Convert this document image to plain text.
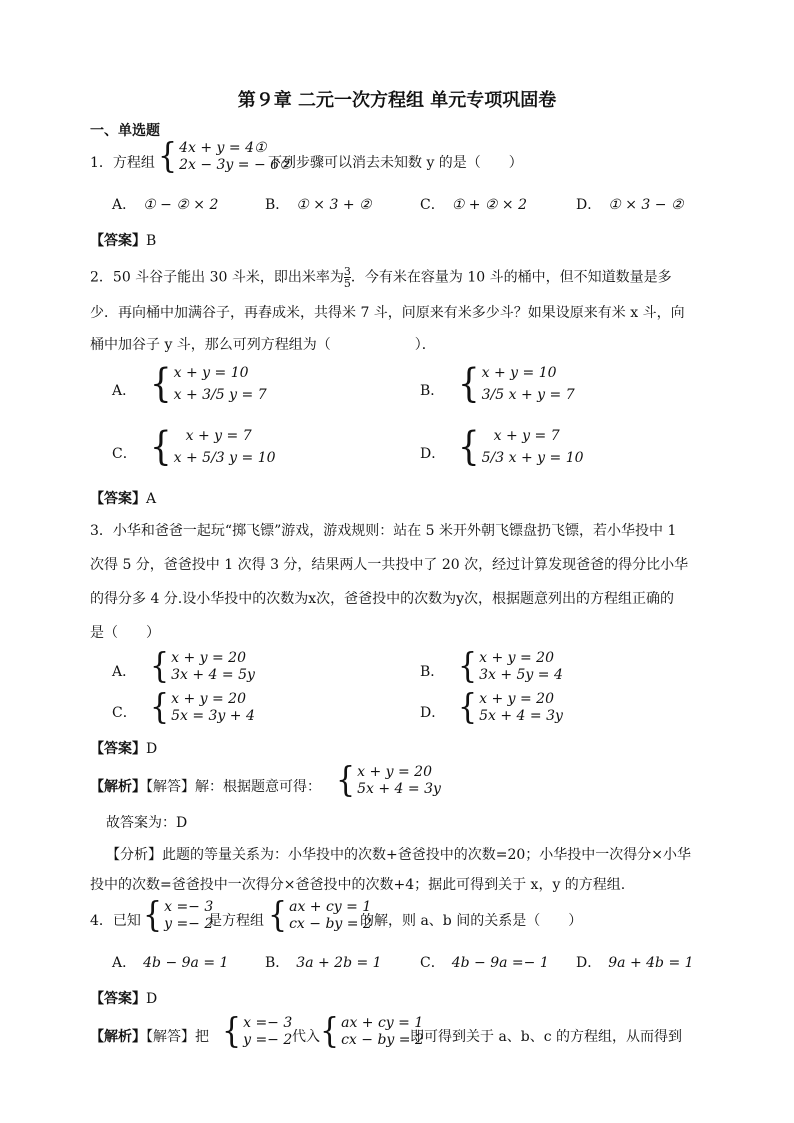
第９章 二元一次方程组 单元专项巩固卷
一、单选题
1．方程组 { 4x + y = 4①
2x − 3y = − 6②
下列步骤可以消去未知数 y 的是（　　）
A．　 ① − ② × 2	B．　 ① × 3 + ②	C．　 ① + ② × 2	D．　 ① × 3 − ②
【答案】B
2．50 斗谷子能出 30 斗米，即出米率为 $\frac{3}{5}$ ．今有米在容量为 10 斗的桶中，但不知道数量是多
少．再向桶中加满谷子，再舂成米，共得米 7 斗，问原来有米多少斗？如果设原来有米 x 斗，向
桶中加谷子 y 斗，那么可列方程组为（　　　　　　）．
A． { x + y = 10
x + 3/5 y = 7	B． { x + y = 10
3/5 x + y = 7
C． {	x + y = 7
x + 5/3 y = 10	D． {	x + y = 7
5/3 x + y = 10
【答案】A
3．小华和爸爸一起玩“掷飞镖”游戏，游戏规则：站在 5 米开外朝飞镖盘扔飞镖，若小华投中 1
次得 5 分，爸爸投中 1 次得 3 分，结果两人一共投中了 20 次，经过计算发现爸爸的得分比小华
的得分多 4 分.设小华投中的次数为x次，爸爸投中的次数为y次，根据题意列出的方程组正确的
是（　　）
A． { x + y = 20
3x + 4 = 5y	B． { x + y = 20
3x + 5y = 4
C． { x + y = 20
5x = 3y + 4	D． { x + y = 20
5x + 4 = 3y
【答案】D
【解析】【解答】解：根据题意可得： { x + y = 20
5x + 4 = 3y
故答案为：D
【分析】此题的等量关系为：小华投中的次数+爸爸投中的次数=20；小华投中一次得分×小华
投中的次数=爸爸投中一次得分×爸爸投中的次数+4；据此可得到关于 x，y 的方程组.
4．已知 { x =− 3
y =− 2
是方程组 { ax + cy = 1
cx − by = 2
的解，则 a、b 间的关系是（　　）
A．　 4b − 9a = 1	B．　 3a + 2b = 1	C．　 4b − 9a =− 1 D．　 9a + 4b = 1
【答案】D
【解析】【解答】把 { x =− 3
y =− 2 代入 { ax + cy = 1
cx − by = 2
即可得到关于 a、b、c 的方程组，从而得到
